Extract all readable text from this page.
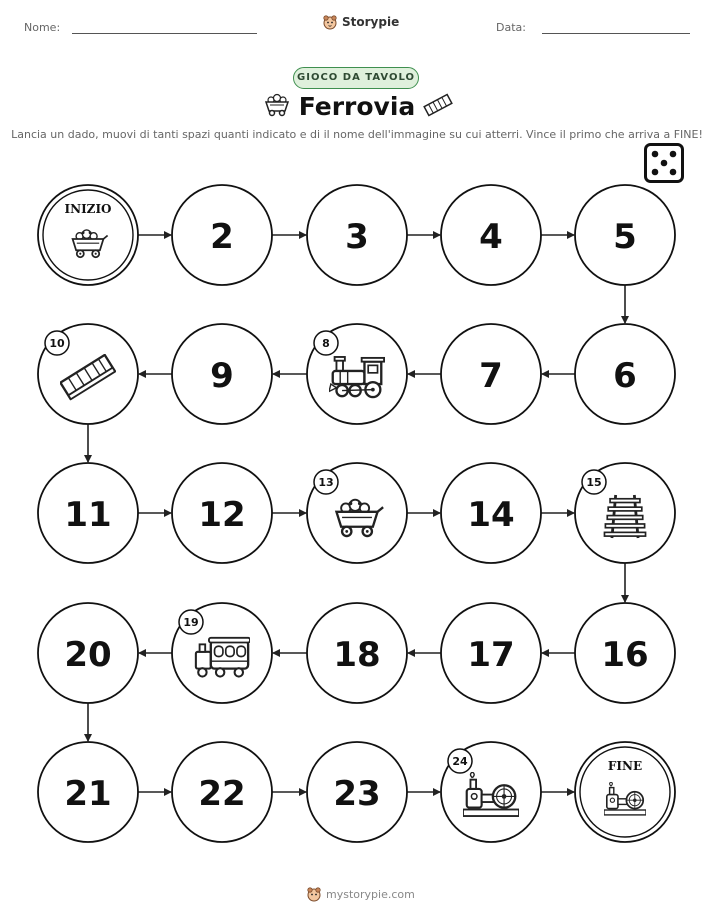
Nome:	Storypie	Data:
GIOCO DA TAVOLO
Ferrovia
Lancia un dado, muovi di tanti spazi quanti indicato e di il nome dell'immagine su cui atterri. Vince il primo che arriva a FINE!
INIZIO
2	3	4	5
6
7
8
9
10
11	12
13
14
15
16
17
18
19
20
21	22	23
24	FINE
mystorypie.com
